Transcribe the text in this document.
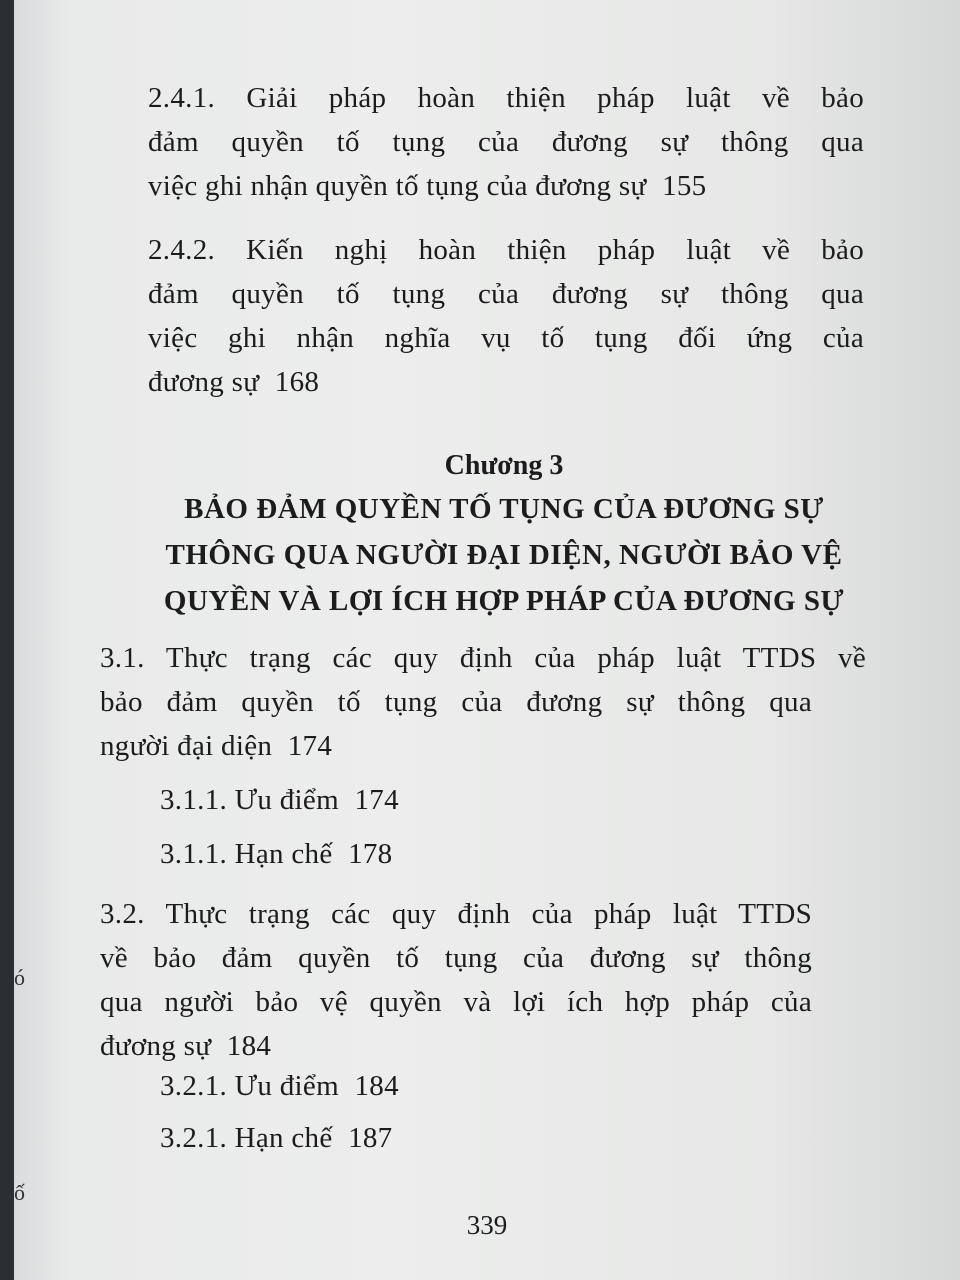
ó
ố
2.4.1. Giải pháp hoàn thiện pháp luật về bảo
đảm quyền tố tụng của đương sự thông qua
việc ghi nhận quyền tố tụng của đương sự 155
2.4.2. Kiến nghị hoàn thiện pháp luật về bảo
đảm quyền tố tụng của đương sự thông qua
việc ghi nhận nghĩa vụ tố tụng đối ứng của
đương sự 168
Chương 3
BẢO ĐẢM QUYỀN TỐ TỤNG CỦA ĐƯƠNG SỰ
THÔNG QUA NGƯỜI ĐẠI DIỆN, NGƯỜI BẢO VỆ
QUYỀN VÀ LỢI ÍCH HỢP PHÁP CỦA ĐƯƠNG SỰ
3.1. Thực trạng các quy định của pháp luật TTDS về
bảo đảm quyền tố tụng của đương sự thông qua
người đại diện 174
3.1.1. Ưu điểm 174
3.1.1. Hạn chế 178
3.2. Thực trạng các quy định của pháp luật TTDS
về bảo đảm quyền tố tụng của đương sự thông
qua người bảo vệ quyền và lợi ích hợp pháp của
đương sự 184
3.2.1. Ưu điểm 184
3.2.1. Hạn chế 187
339
